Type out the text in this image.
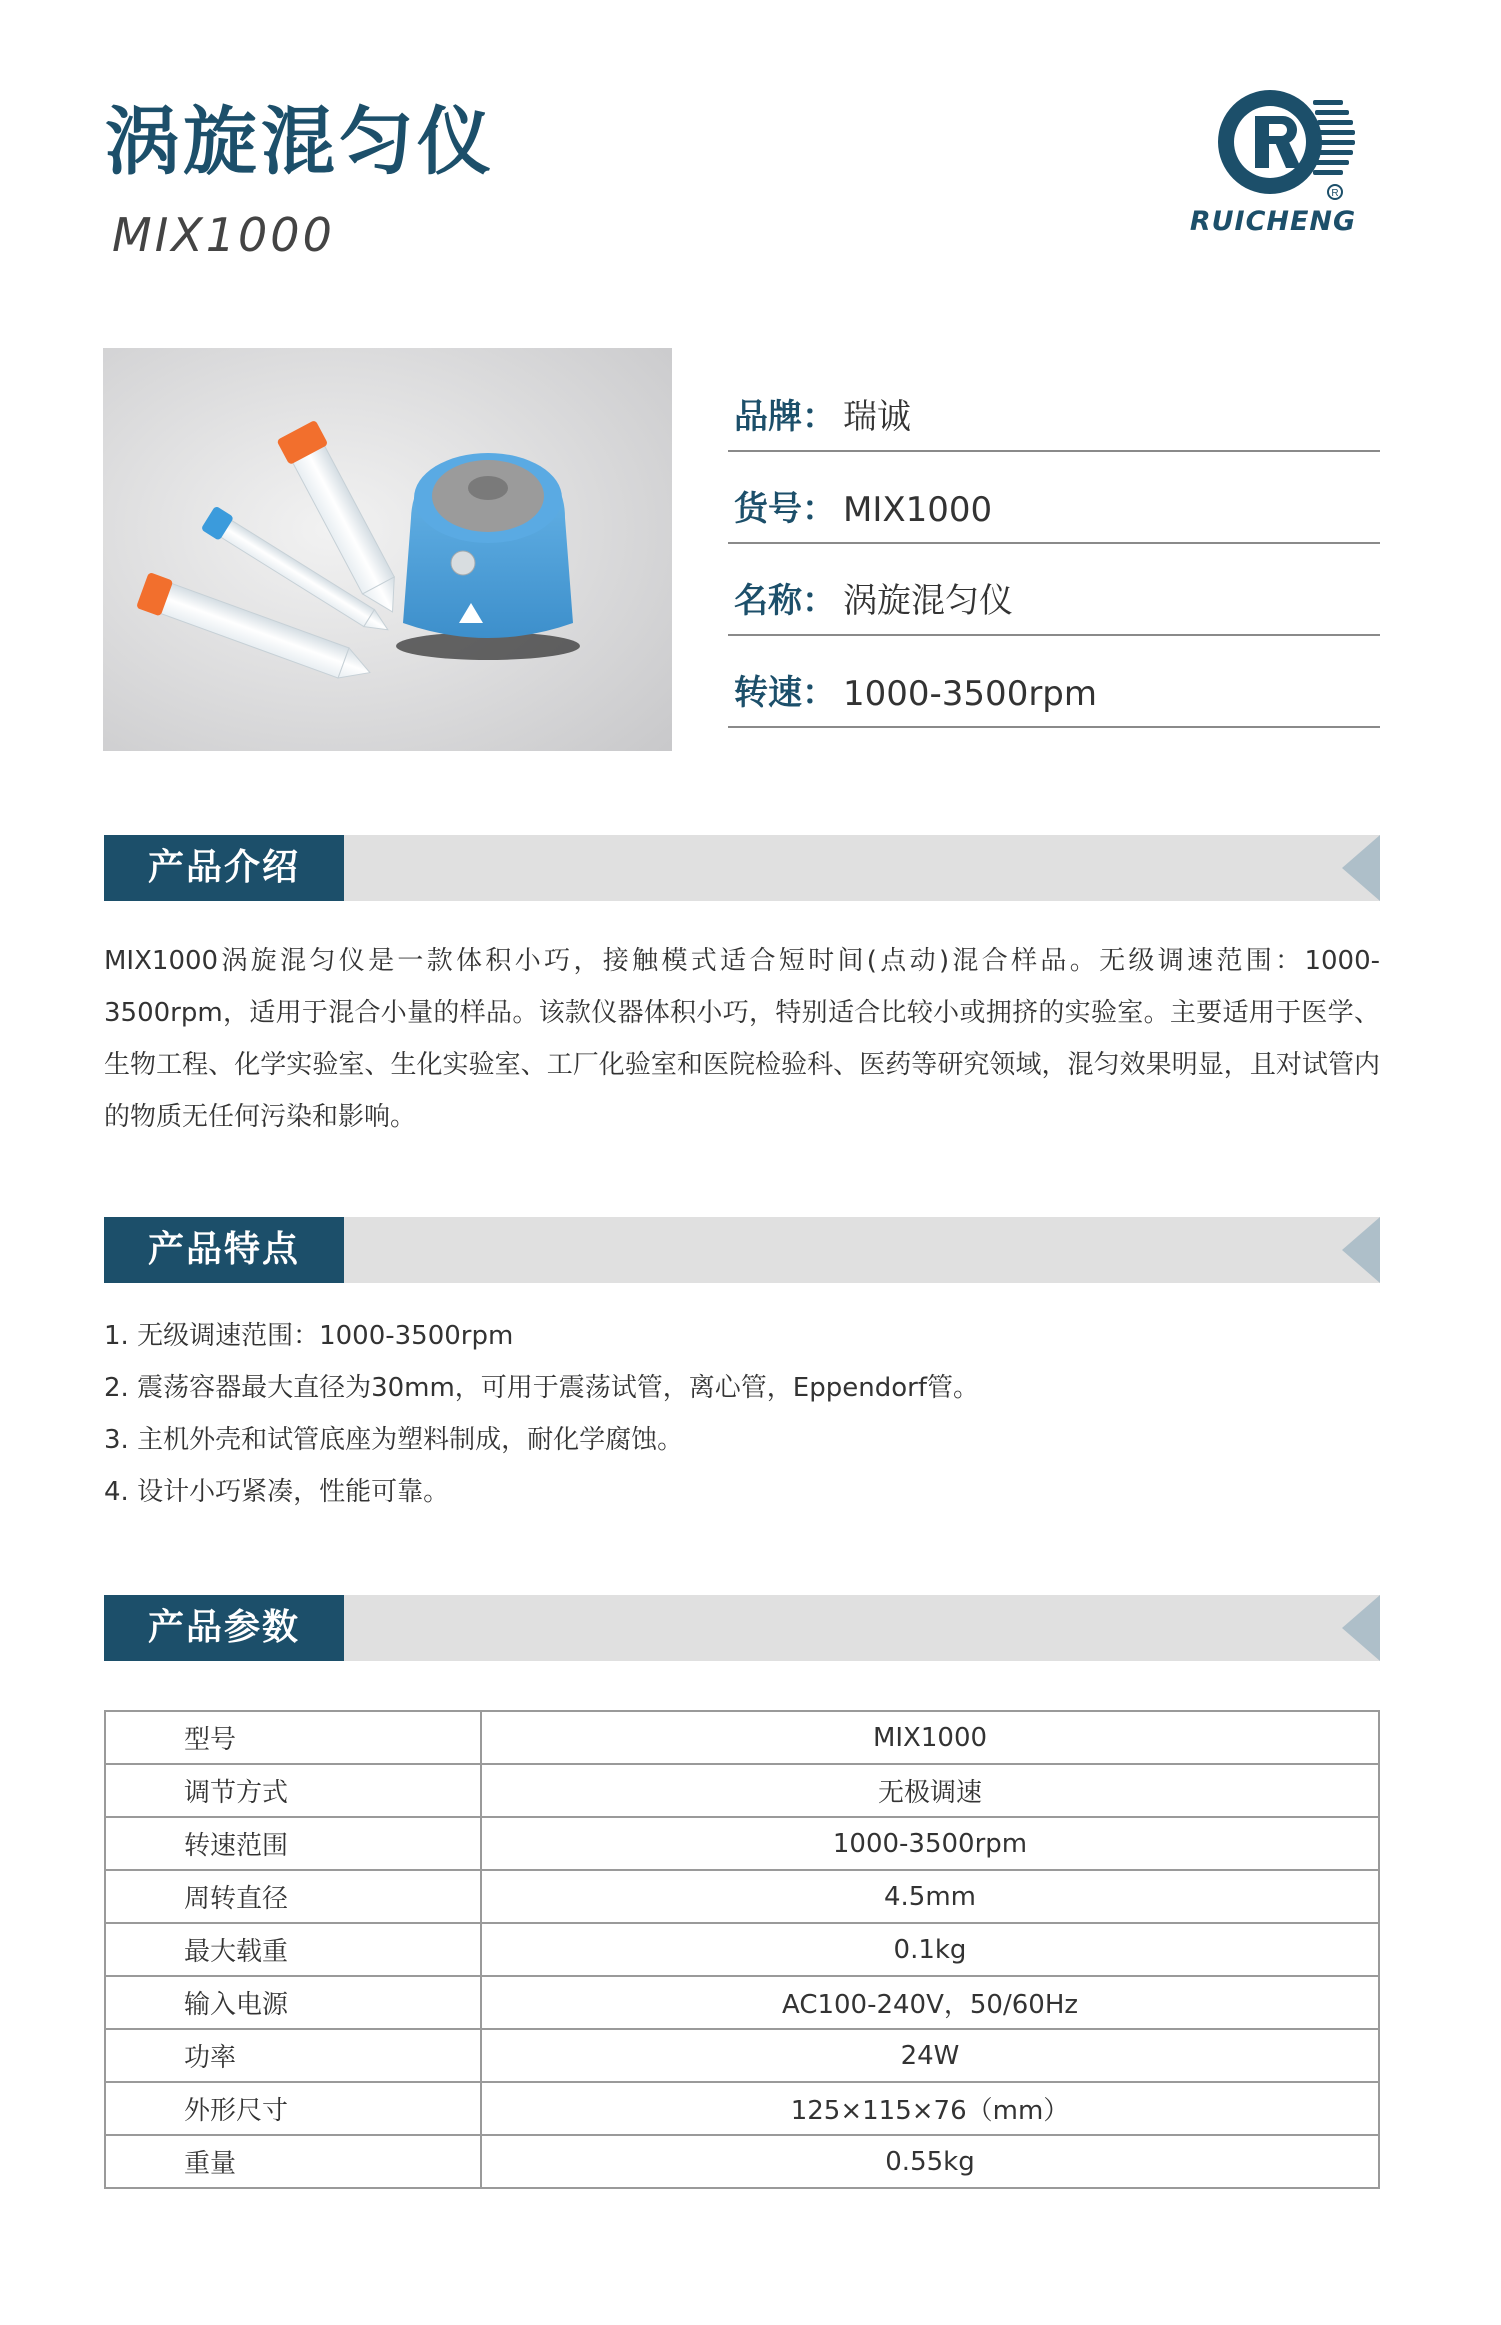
涡旋混匀仪
MIX1000
R
RUICHENG
品牌： 瑞诚
货号： MIX1000
名称： 涡旋混匀仪
转速： 1000-3500rpm
产品介绍
MIX1000涡旋混匀仪是一款体积小巧，接触模式适合短时间(点动)混合样品。无级调速范围：1000-3500rpm，适用于混合小量的样品。该款仪器体积小巧，特别适合比较小或拥挤的实验室。主要适用于医学、生物工程、化学实验室、生化实验室、工厂化验室和医院检验科、医药等研究领域，混匀效果明显，且对试管内的物质无任何污染和影响。
产品特点
1. 无级调速范围：1000-3500rpm
2. 震荡容器最大直径为30mm，可用于震荡试管，离心管，Eppendorf管。
3. 主机外壳和试管底座为塑料制成，耐化学腐蚀。
4. 设计小巧紧凑，性能可靠。
产品参数
型号	MIX1000
调节方式	无极调速
转速范围	1000-3500rpm
周转直径	4.5mm
最大载重	0.1kg
输入电源	AC100-240V，50/60Hz
功率	24W
外形尺寸	125×115×76（mm）
重量	0.55kg
